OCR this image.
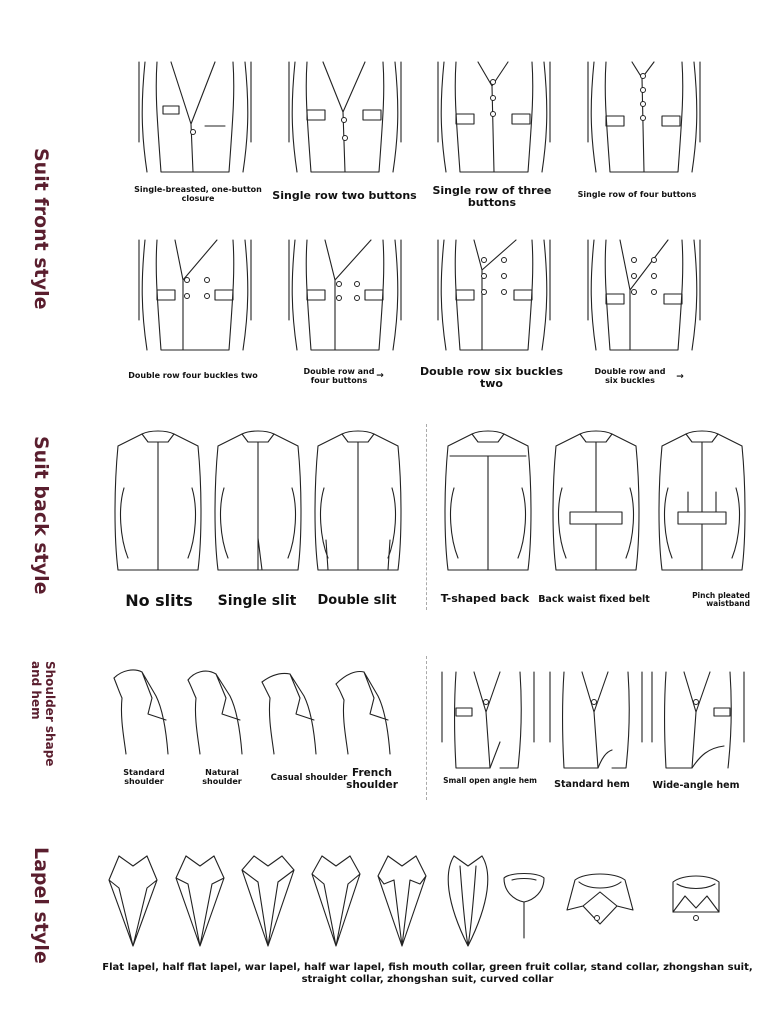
Suit front style
Suit back style
Shoulder shape
and hem
Lapel style
Single-breasted, one-button closure	Single row two buttons	Single row of three buttons
Single row of four buttons
Double row four buckles two	Double row and four buttons	→	Double row six buckles two
Double row and six buckles	→
No slits	Single slit	Double slit	T-shaped back Back waist fixed belt	Pinch pleated waistband
Standard shoulder
Natural shoulder	Casual shoulder French shoulder	Small open angle hem	Standard hem	Wide-angle hem
Flat lapel, half flat lapel, war lapel, half war lapel, fish mouth collar, green fruit collar, stand collar, zhongshan suit, straight collar, zhongshan suit, curved collar
